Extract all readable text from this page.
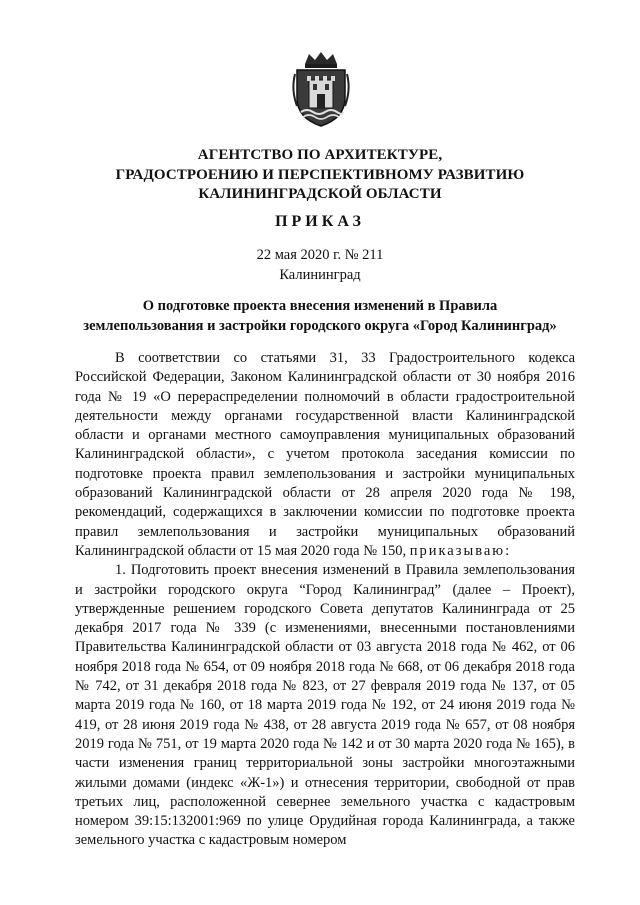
АГЕНТСТВО ПО АРХИТЕКТУРЕ,
ГРАДОСТРОЕНИЮ И ПЕРСПЕКТИВНОМУ РАЗВИТИЮ
КАЛИНИНГРАДСКОЙ ОБЛАСТИ
ПРИКАЗ
22 мая 2020 г. № 211
Калининград
О подготовке проекта внесения изменений в Правила
землепользования и застройки городского округа «Город Калининград»

В соответствии со статьями 31, 33 Градостроительного кодекса Российской Федерации, Законом Калининградской области от 30 ноября 2016 года № 19 «О перераспределении полномочий в области градостроительной деятельности между органами государственной власти Калининградской области и органами местного самоуправления муниципальных образований Калининградской области», с учетом протокола заседания комиссии по подготовке проекта правил землепользования и застройки муниципальных образований Калининградской области от 28 апреля 2020 года № 198, рекомендаций, содержащихся в заключении комиссии по подготовке проекта правил землепользования и застройки муниципальных образований Калининградской области от 15 мая 2020 года № 150, приказываю:

1. Подготовить проект внесения изменений в Правила землепользования и застройки городского округа “Город Калининград” (далее – Проект), утвержденные решением городского Совета депутатов Калининграда от 25 декабря 2017 года № 339 (с изменениями, внесенными постановлениями Правительства Калининградской области от 03 августа 2018 года № 462, от 06 ноября 2018 года № 654, от 09 ноября 2018 года № 668, от 06 декабря 2018 года № 742, от 31 декабря 2018 года № 823, от 27 февраля 2019 года № 137, от 05 марта 2019 года № 160, от 18 марта 2019 года № 192, от 24 июня 2019 года № 419, от 28 июня 2019 года № 438, от 28 августа 2019 года № 657, от 08 ноября 2019 года № 751, от 19 марта 2020 года № 142 и от 30 марта 2020 года № 165), в части изменения границ территориальной зоны застройки многоэтажными жилыми домами (индекс «Ж-1») и отнесения территории, свободной от прав третьих лиц, расположенной севернее земельного участка с кадастровым номером 39:15:132001:969 по улице Орудийная города Калининграда, а также земельного участка с кадастровым номером
